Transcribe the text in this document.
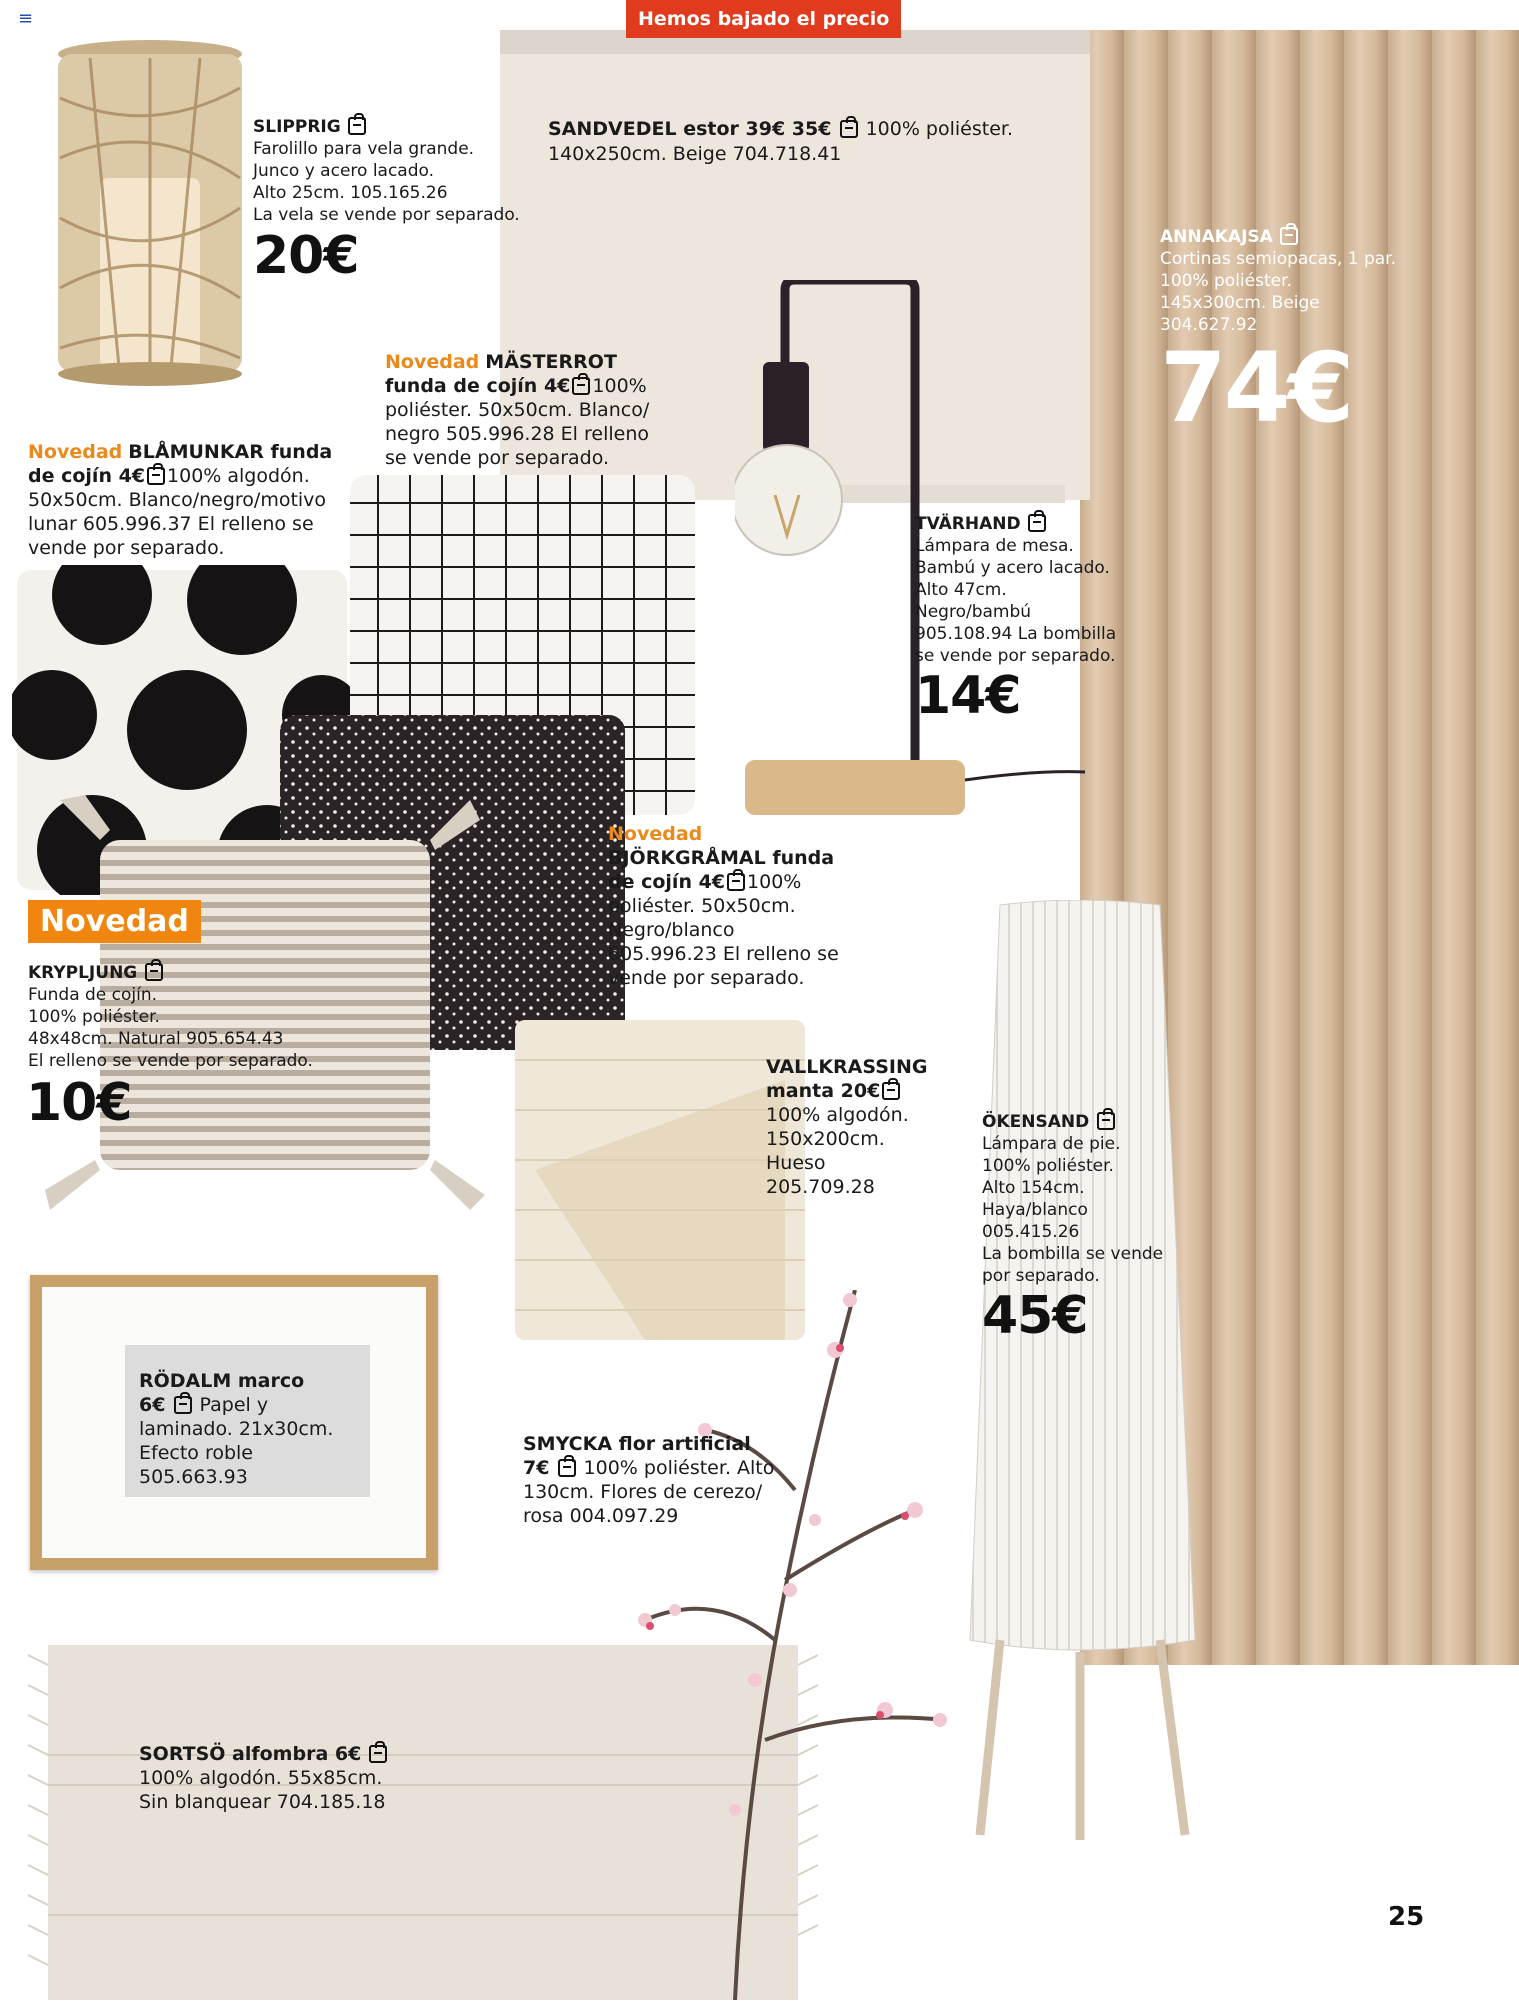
≡	Hemos bajado el precio
SLIPPRIG
Farolillo para vela grande.
Junco y acero lacado.
Alto 25cm. 105.165.26
La vela se vende por separado.
20€
SANDVEDEL estor 39€ 35€ 100% poliéster.
140x250cm. Beige 704.718.41
ANNAKAJSA
Cortinas semiopacas, 1 par.
100% poliéster.
145x300cm. Beige
304.627.92
74€
Novedad MÄSTERROT
funda de cojín 4€ 100%
poliéster. 50x50cm. Blanco/
negro 505.996.28 El relleno
se vende por separado.
Novedad BLÅMUNKAR funda
de cojín 4€ 100% algodón.
50x50cm. Blanco/negro/motivo
lunar 605.996.37 El relleno se
vende por separado.
TVÄRHAND
Lámpara de mesa.
Bambú y acero lacado.
Alto 47cm.
Negro/bambú
905.108.94 La bombilla
se vende por separado.
14€
Novedad
BJÖRKGRÅMAL funda
de cojín 4€ 100%
poliéster. 50x50cm.
Negro/blanco
605.996.23 El relleno se
vende por separado.
Novedad
KRYPLJUNG
Funda de cojín.
100% poliéster.
48x48cm. Natural 905.654.43
El relleno se vende por separado.
10€
VALLKRASSING
manta 20€
100% algodón.
150x200cm.
Hueso
205.709.28
ÖKENSAND
Lámpara de pie.
100% poliéster.
Alto 154cm.
Haya/blanco
005.415.26
La bombilla se vende
por separado.
45€
RÖDALM marco
6€ Papel y
laminado. 21x30cm.
Efecto roble
505.663.93
SMYCKA flor artificial
7€ 100% poliéster. Alto
130cm. Flores de cerezo/
rosa 004.097.29
SORTSÖ alfombra 6€
100% algodón. 55x85cm.
Sin blanquear 704.185.18
25
